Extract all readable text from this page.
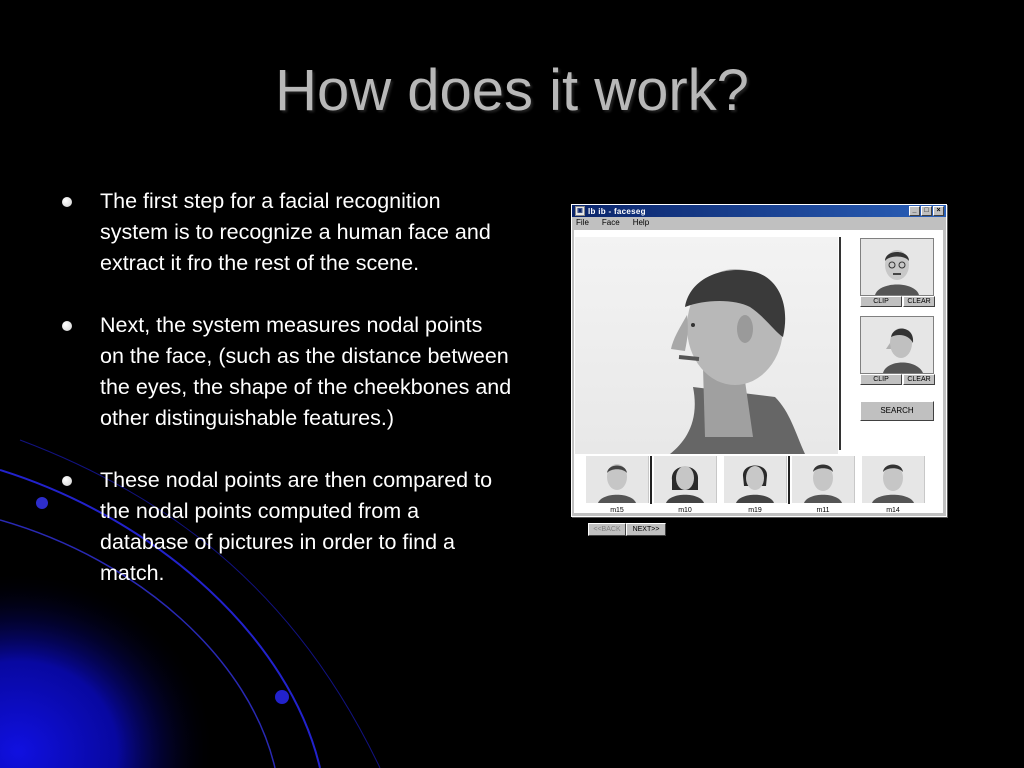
How does it work?
The first step for a facial recognition system is to recognize a human face and extract it fro the rest of the scene.
Next, the system measures nodal points on the face, (such as the distance between the eyes, the shape of the cheekbones and other distinguishable features.)
These nodal points are then compared to the nodal points computed from a database of pictures in order to find a match.
▣ Ib ib - faceseg	_	□	×
File Face Help
CLIP	CLEAR
CLIP	CLEAR
SEARCH
m15	m10	m19	m11	m14
<<BACK	NEXT>>
